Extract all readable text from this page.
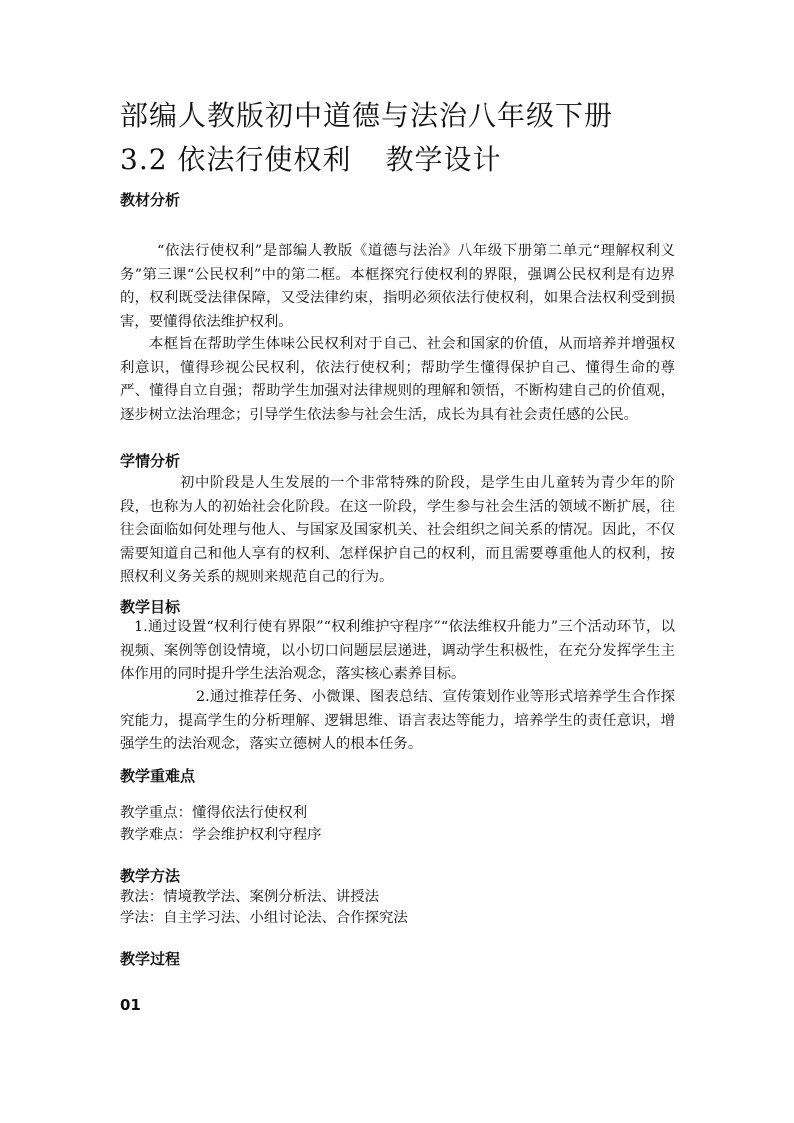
部编人教版初中道德与法治八年级下册
3.2 依法行使权利 教学设计
教材分析

“依法行使权利”是部编人教版《道德与法治》八年级下册第二单元“理解权利义务”第三课“公民权利”中的第二框。本框探究行使权利的界限，强调公民权利是有边界的，权利既受法律保障，又受法律约束，指明必须依法行使权利，如果合法权利受到损害，要懂得依法维护权利。

本框旨在帮助学生体味公民权利对于自己、社会和国家的价值，从而培养并增强权利意识，懂得珍视公民权利，依法行使权利；帮助学生懂得保护自己、懂得生命的尊严、懂得自立自强；帮助学生加强对法律规则的理解和领悟，不断构建自己的价值观，逐步树立法治理念；引导学生依法参与社会生活，成长为具有社会责任感的公民。

学情分析

初中阶段是人生发展的一个非常特殊的阶段，是学生由儿童转为青少年的阶段，也称为人的初始社会化阶段。在这一阶段，学生参与社会生活的领域不断扩展，往往会面临如何处理与他人、与国家及国家机关、社会组织之间关系的情况。因此，不仅需要知道自己和他人享有的权利、怎样保护自己的权利，而且需要尊重他人的权利，按照权利义务关系的规则来规范自己的行为。

教学目标

1.通过设置“权利行使有界限”“权利维护守程序”“依法维权升能力”三个活动环节，以视频、案例等创设情境，以小切口问题层层递进，调动学生积极性，在充分发挥学生主体作用的同时提升学生法治观念，落实核心素养目标。

2.通过推荐任务、小微课、图表总结、宣传策划作业等形式培养学生合作探究能力，提高学生的分析理解、逻辑思维、语言表达等能力，培养学生的责任意识，增强学生的法治观念，落实立德树人的根本任务。

教学重难点
教学重点：懂得依法行使权利
教学难点：学会维护权利守程序
教学方法
教法：情境教学法、案例分析法、讲授法
学法：自主学习法、小组讨论法、合作探究法
教学过程
01
